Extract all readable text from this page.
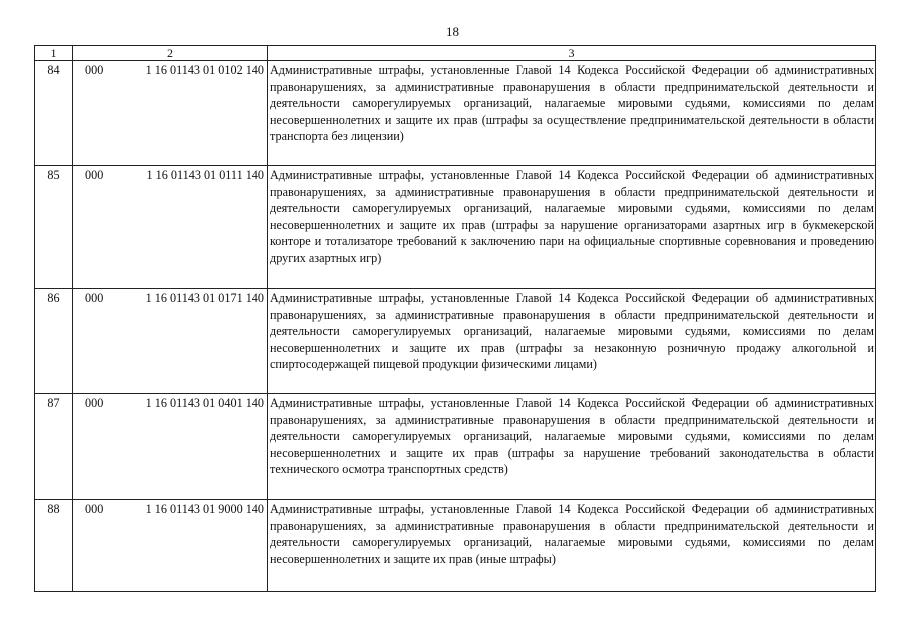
18
1	2	3
84	000 1 16 01143 01 0102 140	Административные штрафы, установленные Главой 14 Кодекса Российской Федерации об административных правонарушениях, за административные правонарушения в области предпринимательской деятельности и деятельности саморегулируемых организаций, налагаемые мировыми судьями, комиссиями по делам несовершеннолетних и защите их прав (штрафы за осуществление предпринимательской деятельности в области транспорта без лицензии)
85	000 1 16 01143 01 0111 140	Административные штрафы, установленные Главой 14 Кодекса Российской Федерации об административных правонарушениях, за административные правонарушения в области предпринимательской деятельности и деятельности саморегулируемых организаций, налагаемые мировыми судьями, комиссиями по делам несовершеннолетних и защите их прав (штрафы за нарушение организаторами азартных игр в букмекерской конторе и тотализаторе требований к заключению пари на официальные спортивные соревнования и проведению других азартных игр)
86	000 1 16 01143 01 0171 140	Административные штрафы, установленные Главой 14 Кодекса Российской Федерации об административных правонарушениях, за административные правонарушения в области предпринимательской деятельности и деятельности саморегулируемых организаций, налагаемые мировыми судьями, комиссиями по делам несовершеннолетних и защите их прав (штрафы за незаконную розничную продажу алкогольной и спиртосодержащей пищевой продукции физическими лицами)
87	000 1 16 01143 01 0401 140	Административные штрафы, установленные Главой 14 Кодекса Российской Федерации об административных правонарушениях, за административные правонарушения в области предпринимательской деятельности и деятельности саморегулируемых организаций, налагаемые мировыми судьями, комиссиями по делам несовершеннолетних и защите их прав (штрафы за нарушение требований законодательства в области технического осмотра транспортных средств)
88	000 1 16 01143 01 9000 140	Административные штрафы, установленные Главой 14 Кодекса Российской Федерации об административных правонарушениях, за административные правонарушения в области предпринимательской деятельности и деятельности саморегулируемых организаций, налагаемые мировыми судьями, комиссиями по делам несовершеннолетних и защите их прав (иные штрафы)
